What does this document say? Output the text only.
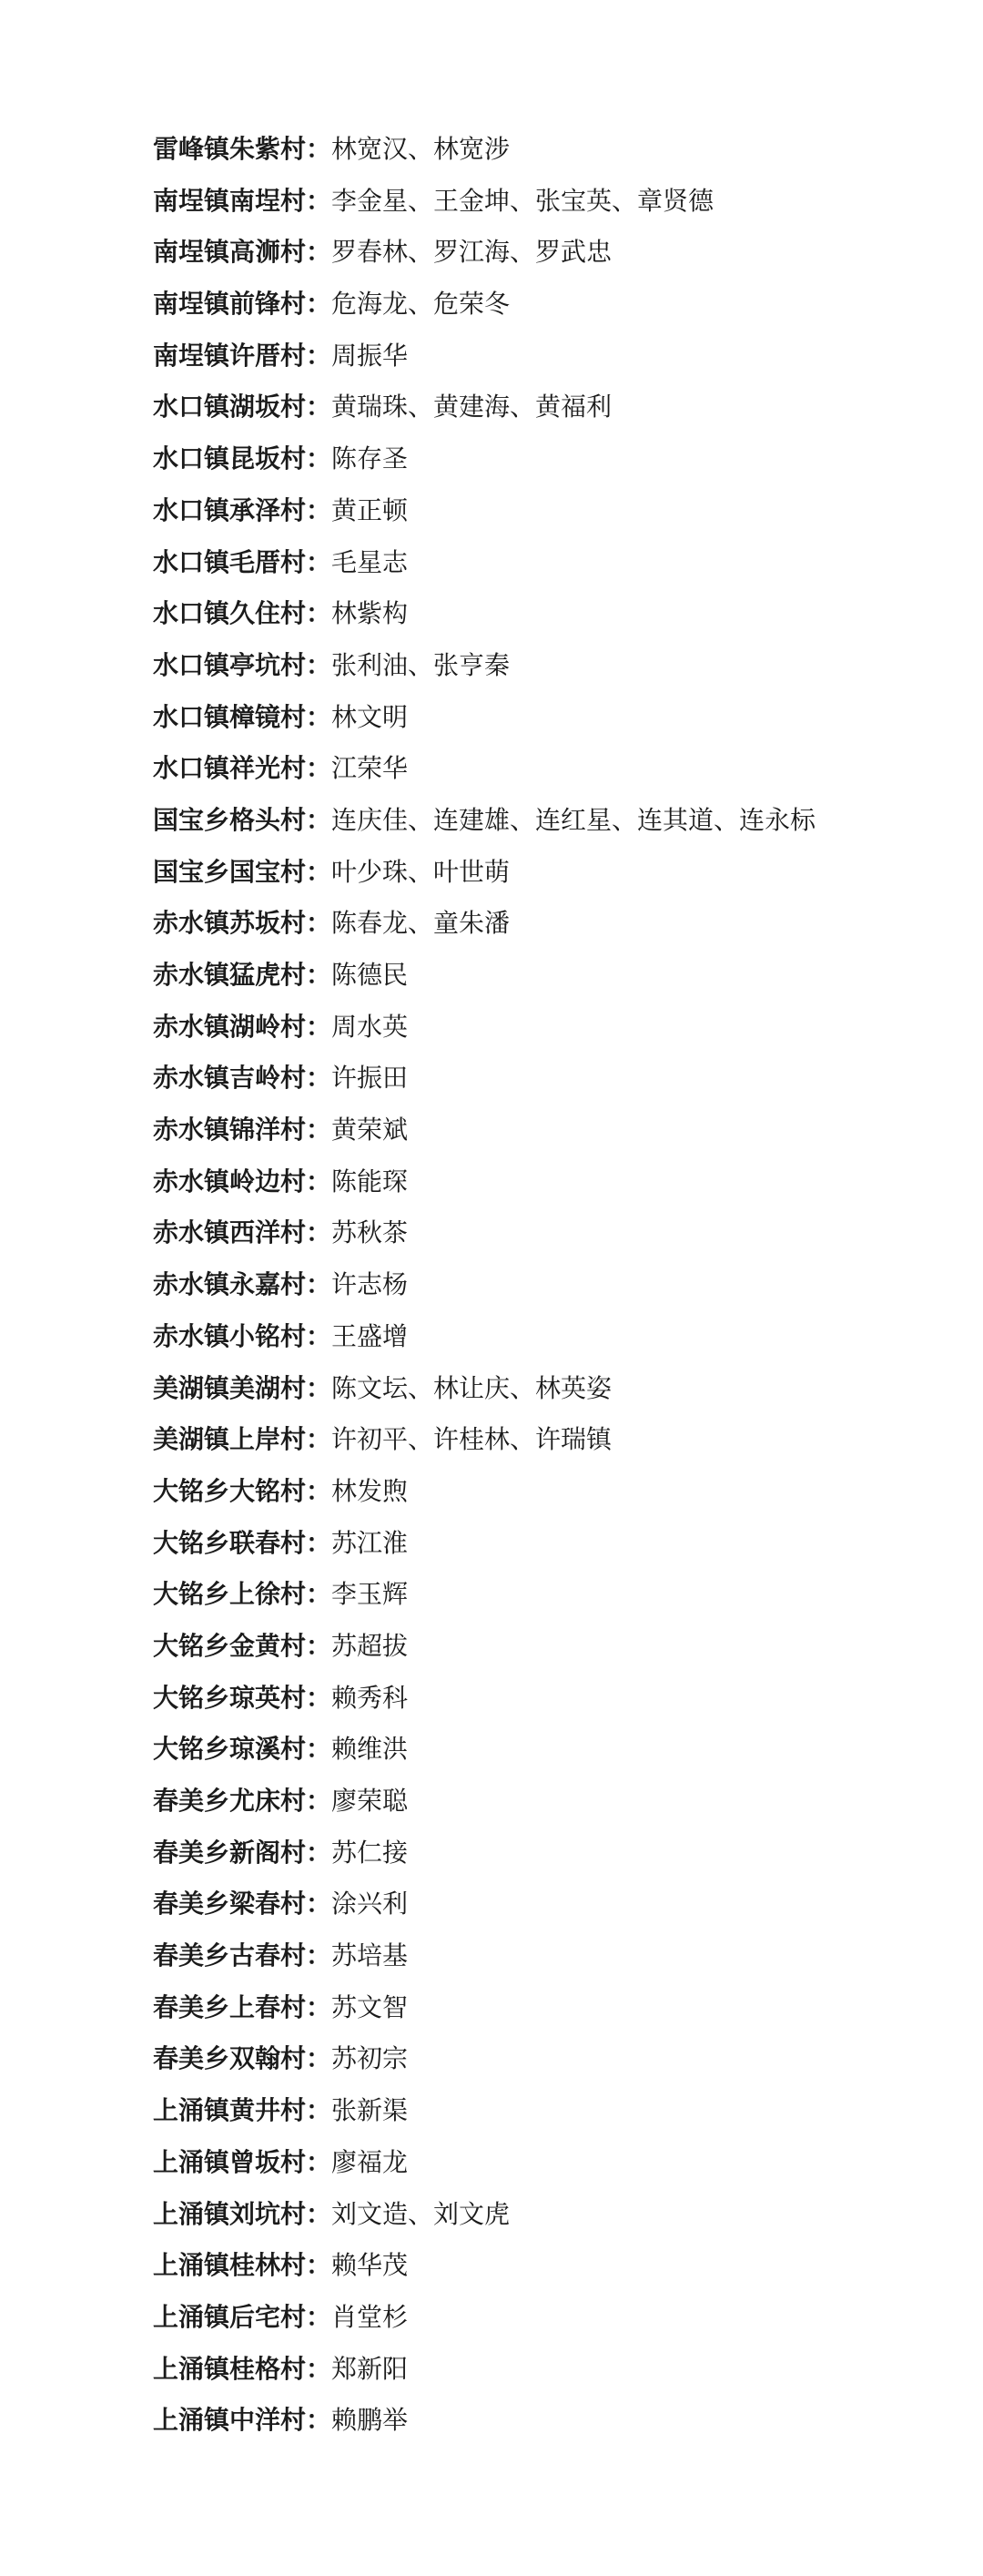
雷峰镇朱紫村：林宽汉、林宽涉
南埕镇南埕村：李金星、王金坤、张宝英、章贤德
南埕镇高浉村：罗春林、罗江海、罗武忠
南埕镇前锋村：危海龙、危荣冬
南埕镇许厝村：周振华
水口镇湖坂村：黄瑞珠、黄建海、黄福利
水口镇昆坂村：陈存圣
水口镇承泽村：黄正顿
水口镇毛厝村：毛星志
水口镇久住村：林紫构
水口镇亭坑村：张利油、张亨秦
水口镇樟镜村：林文明
水口镇祥光村：江荣华
国宝乡格头村：连庆佳、连建雄、连红星、连其道、连永标
国宝乡国宝村：叶少珠、叶世萌
赤水镇苏坂村：陈春龙、童朱潘
赤水镇猛虎村：陈德民
赤水镇湖岭村：周水英
赤水镇吉岭村：许振田
赤水镇锦洋村：黄荣斌
赤水镇岭边村：陈能琛
赤水镇西洋村：苏秋茶
赤水镇永嘉村：许志杨
赤水镇小铭村：王盛增
美湖镇美湖村：陈文坛、林让庆、林英姿
美湖镇上岸村：许初平、许桂林、许瑞镇
大铭乡大铭村：林发煦
大铭乡联春村：苏江淮
大铭乡上徐村：李玉辉
大铭乡金黄村：苏超拔
大铭乡琼英村：赖秀科
大铭乡琼溪村：赖维洪
春美乡尤床村：廖荣聪
春美乡新阁村：苏仁接
春美乡梁春村：涂兴利
春美乡古春村：苏培基
春美乡上春村：苏文智
春美乡双翰村：苏初宗
上涌镇黄井村：张新渠
上涌镇曾坂村：廖福龙
上涌镇刘坑村：刘文造、刘文虎
上涌镇桂林村：赖华茂
上涌镇后宅村：肖堂杉
上涌镇桂格村：郑新阳
上涌镇中洋村：赖鹏举
